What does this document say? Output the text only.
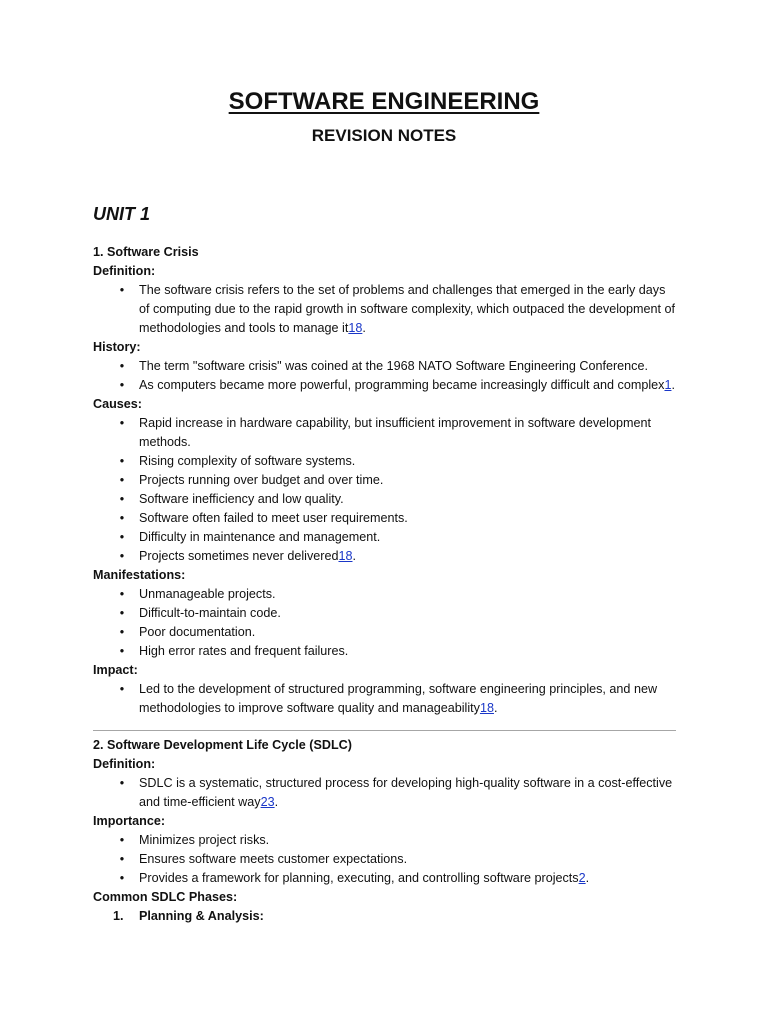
SOFTWARE ENGINEERING
REVISION NOTES
UNIT 1
1. Software Crisis
Definition:
•	The software crisis refers to the set of problems and challenges that emerged in the early days of computing due to the rapid growth in software complexity, which outpaced the development of methodologies and tools to manage it18.
History:
•	The term "software crisis" was coined at the 1968 NATO Software Engineering Conference.
•	As computers became more powerful, programming became increasingly difficult and complex1.
Causes:
•	Rapid increase in hardware capability, but insufficient improvement in software development methods.
•	Rising complexity of software systems.
•	Projects running over budget and over time.
•	Software inefficiency and low quality.
•	Software often failed to meet user requirements.
•	Difficulty in maintenance and management.
•	Projects sometimes never delivered18.
Manifestations:
•	Unmanageable projects.
•	Difficult-to-maintain code.
•	Poor documentation.
•	High error rates and frequent failures.
Impact:
•	Led to the development of structured programming, software engineering principles, and new methodologies to improve software quality and manageability18.
2. Software Development Life Cycle (SDLC)
Definition:
•	SDLC is a systematic, structured process for developing high-quality software in a cost-effective and time-efficient way23.
Importance:
•	Minimizes project risks.
•	Ensures software meets customer expectations.
•	Provides a framework for planning, executing, and controlling software projects2.
Common SDLC Phases:
1. Planning & Analysis:
